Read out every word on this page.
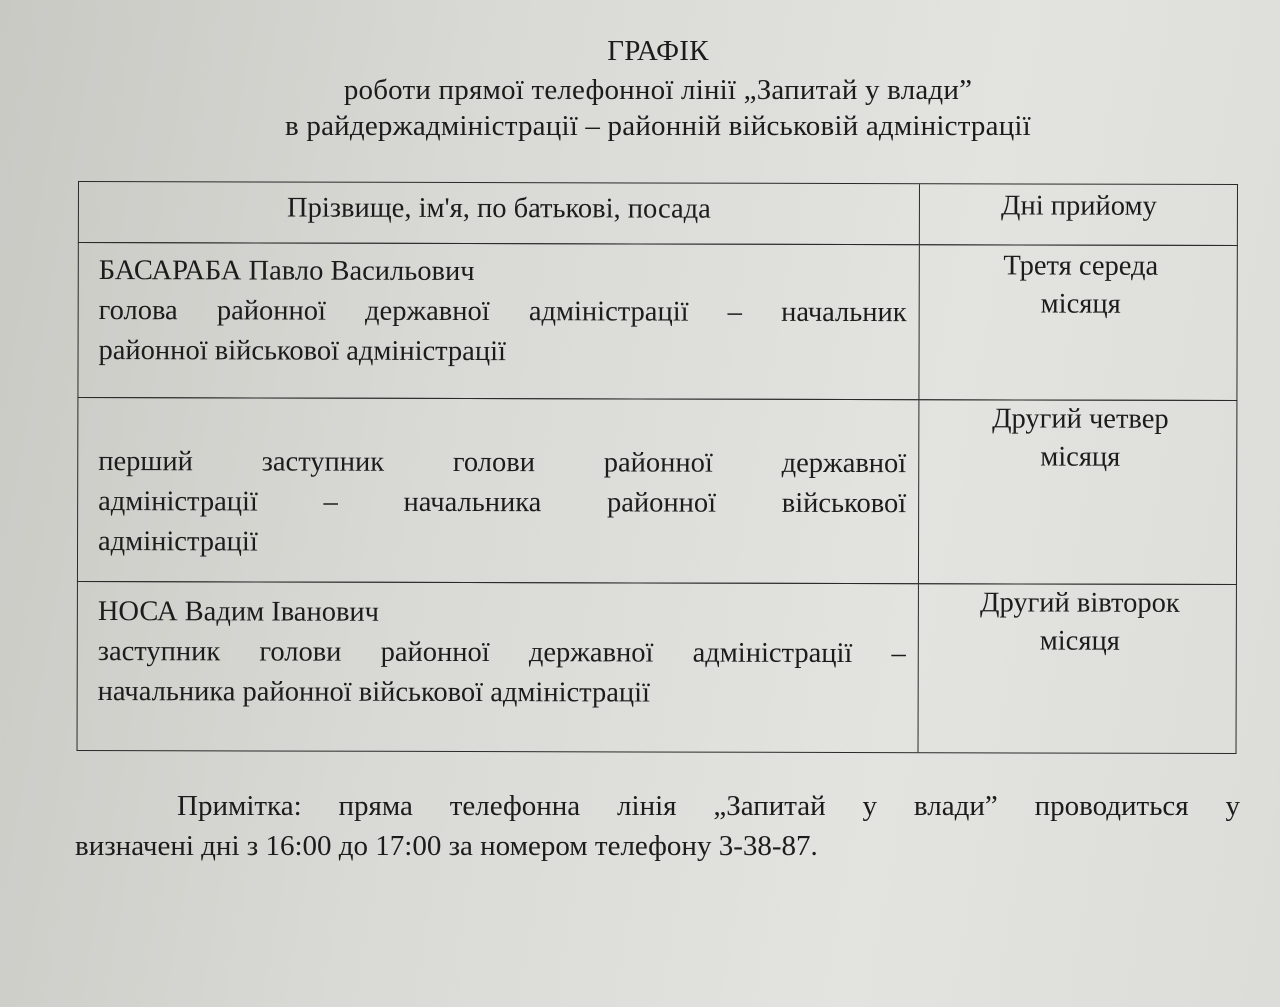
ГРАФІК
роботи прямої телефонної лінії „Запитай у влади”
в райдержадміністрації – районній військовій адміністрації
Прізвище, ім'я, по батькові, посада	Дні прийому
БАСАРАБА Павло Васильович
голова районної державної адміністрації – начальник
районної військової адміністрації
Третя середа
місяця
перший заступник голови районної державної
адміністрації – начальника районної військової
адміністрації
Другий четвер
місяця
НОСА Вадим Іванович
заступник голови районної державної адміністрації –
начальника районної військової адміністрації
Другий вівторок
місяця
Примітка: пряма телефонна лінія „Запитай у влади” проводиться у
визначені дні з 16:00 до 17:00 за номером телефону 3-38-87.
